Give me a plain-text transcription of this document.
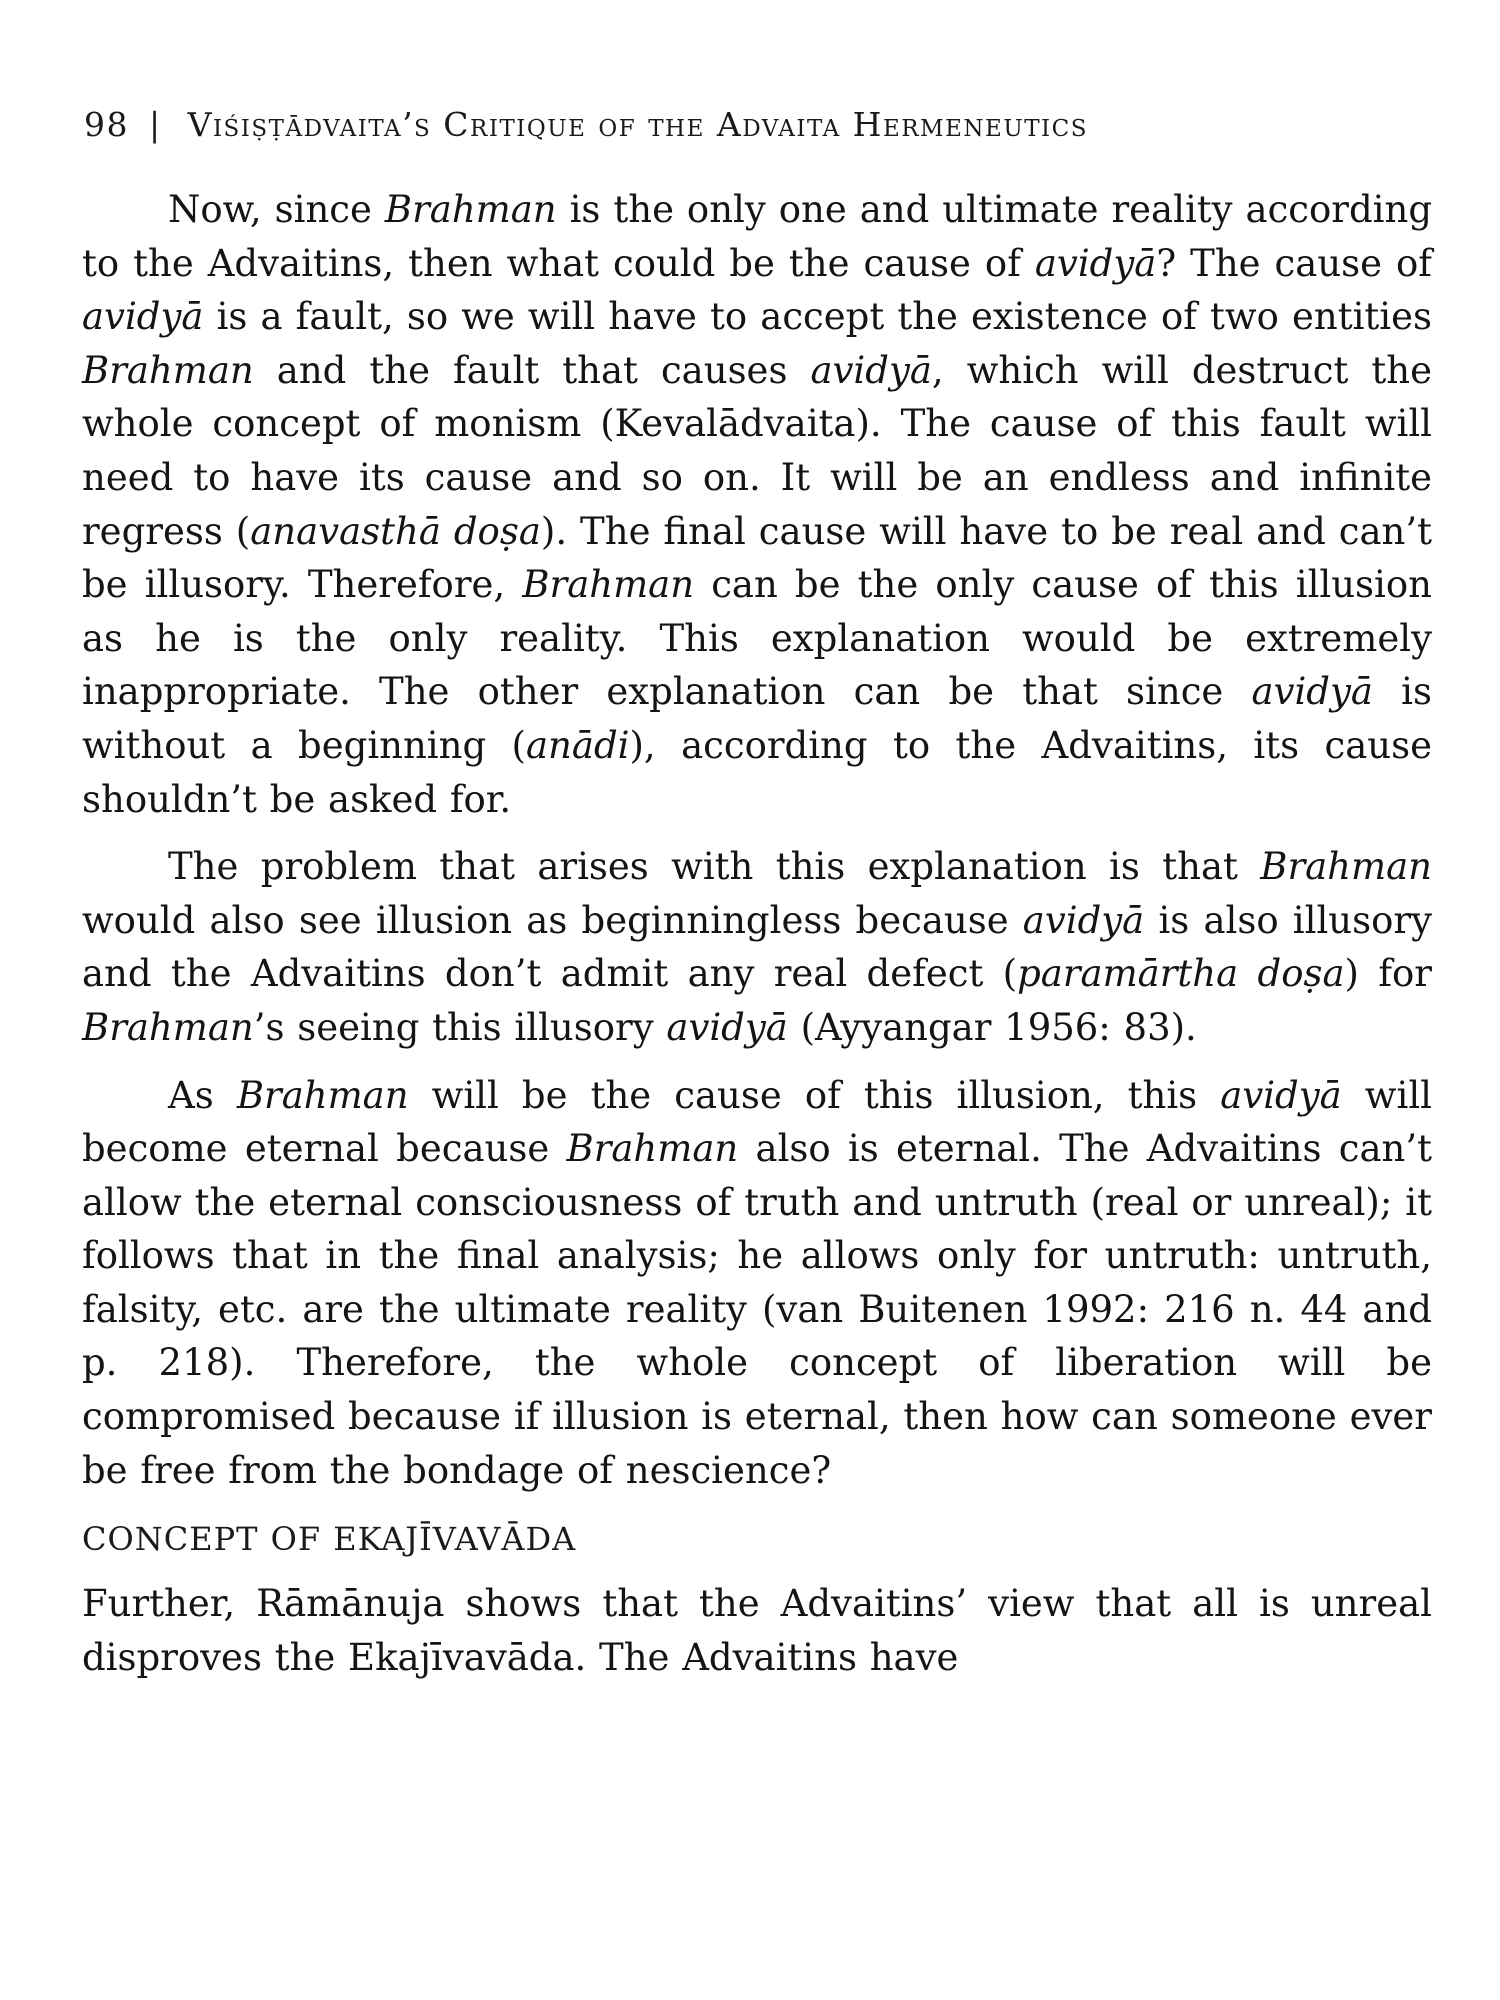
98 | Viśiṣṭādvaita’s Critique of the Advaita Hermeneutics

Now, since Brahman is the only one and ultimate reality according to the Advaitins, then what could be the cause of avidyā? The cause of avidyā is a fault, so we will have to accept the existence of two entities Brahman and the fault that causes avidyā, which will destruct the whole concept of monism (Kevalādvaita). The cause of this fault will need to have its cause and so on. It will be an endless and infinite regress (anavasthā doṣa). The final cause will have to be real and can’t be illusory. Therefore, Brahman can be the only cause of this illusion as he is the only reality. This explanation would be extremely inappropriate. The other explanation can be that since avidyā is without a beginning (anādi), according to the Advaitins, its cause shouldn’t be asked for.

The problem that arises with this explanation is that Brahman would also see illusion as beginningless because avidyā is also illusory and the Advaitins don’t admit any real defect (paramārtha doṣa) for Brahman’s seeing this illusory avidyā (Ayyangar 1956: 83).

As Brahman will be the cause of this illusion, this avidyā will become eternal because Brahman also is eternal. The Advaitins can’t allow the eternal consciousness of truth and untruth (real or unreal); it follows that in the final analysis; he allows only for untruth: untruth, falsity, etc. are the ultimate reality (van Buitenen 1992: 216 n. 44 and p. 218). Therefore, the whole concept of liberation will be compromised because if illusion is eternal, then how can someone ever be free from the bondage of nescience?

CONCEPT OF EKAJĪVAVĀDA

Further, Rāmānuja shows that the Advaitins’ view that all is unreal disproves the Ekajīvavāda. The Advaitins have
